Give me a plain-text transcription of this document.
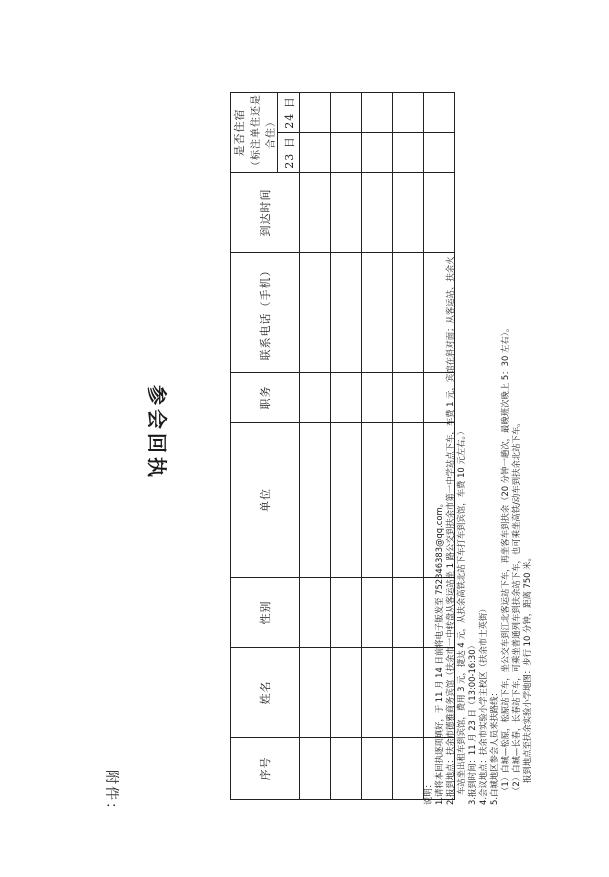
附件：
参会回执
序号	姓名	性别	单位	职务	联系电话（手机）	到达时间	是否住宿 （标注单住还是合住）	

							23 日	24 日

说明： 1.请将本回执逐项填好，于 11 月 14 日前将电子版发至 752346383@qq.com。 2.报到地点：扶余市德雅商务宾馆（扶余市一中转盘从客运站坐 1 路公交到扶余市第一中学站点下车，车费 1 元，宾馆在斜对面；从客运站、扶余火 车站坐出租车到宾馆，费用 3 元，捷达 4 元，从扶余高铁北站下车打车到宾馆，车费 10 元左右。） 3.报到时间：11 月 23 日（13:00-16:30） 4.会议地点：扶余市实验小学主校区（扶余市士英街） 5.白城地区参会人员来扶路线： （1）白城—松原，松原站下车，坐公交车到江北客运站下车，再坐客车到扶余（20 分钟一趟次，最晚班次晚上 5：30 左右）。 （2）白城—长春，长春站下车，可乘坐普通列车到扶余站下车，也可乘坐高铁/动车到扶余北站下车。 报到地点至扶余实验小学地图：步行 10 分钟，距离 750 米。
